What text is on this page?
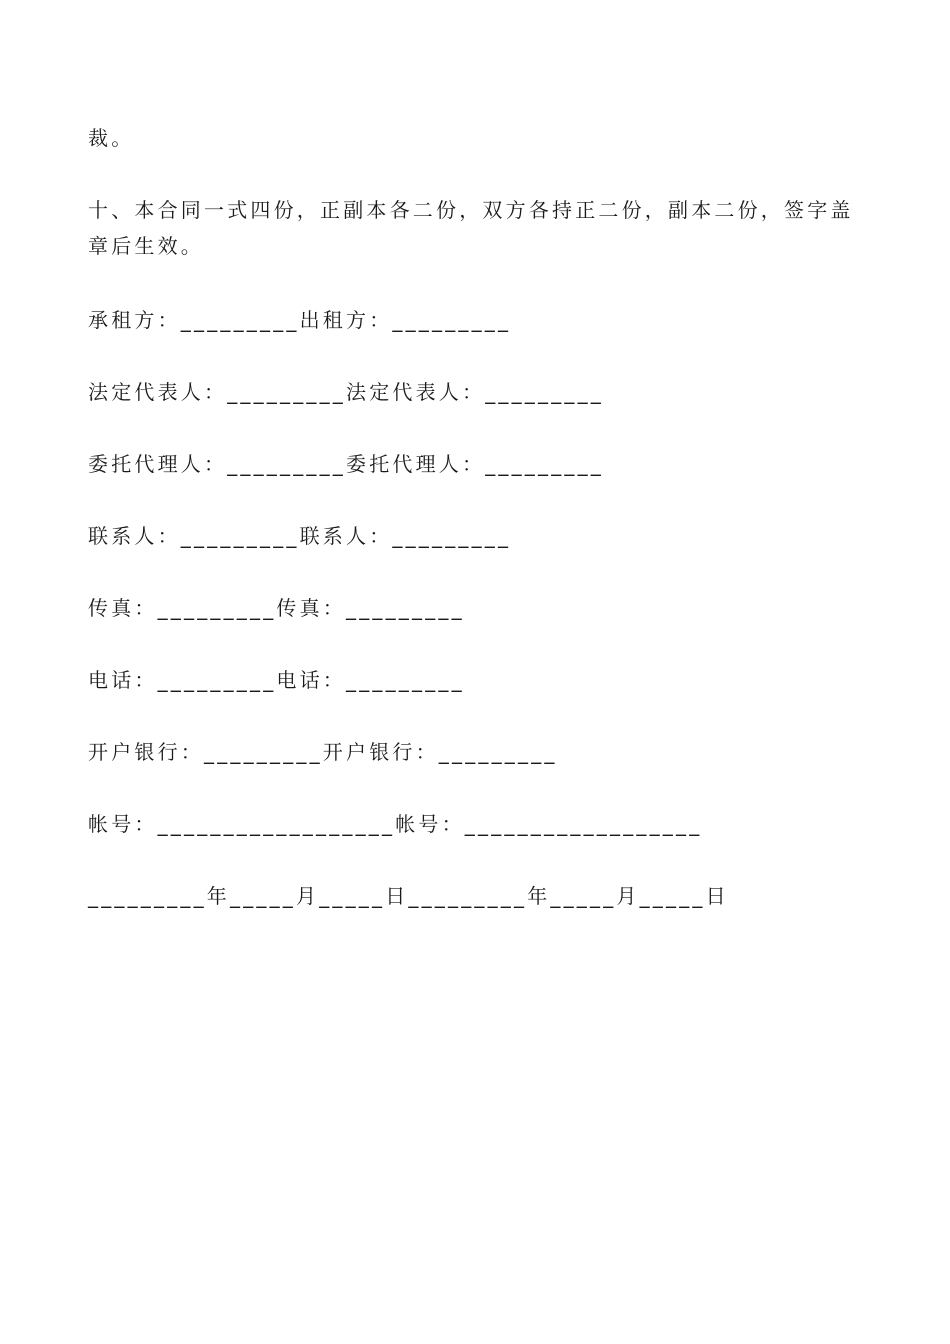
裁。

十、本合同一式四份，正副本各二份，双方各持正二份，副本二份，签字盖章后生效。

承租方：_________出租方：_________

法定代表人：_________法定代表人：_________

委托代理人：_________委托代理人：_________

联系人：_________联系人：_________

传真：_________传真：_________

电话：_________电话：_________

开户银行：_________开户银行：_________

帐号：__________________帐号：__________________

_________年_____月_____日_________年_____月_____日
